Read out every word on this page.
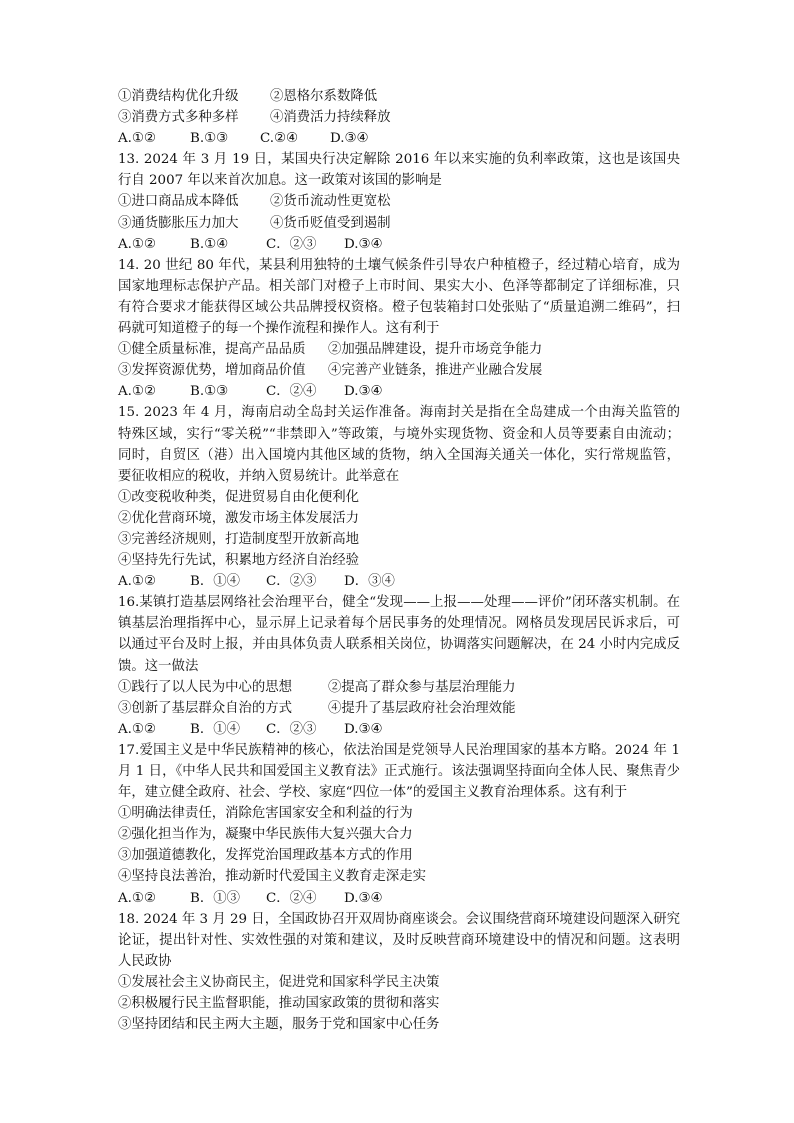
①消费结构优化升级	②恩格尔系数降低
③消费方式多种多样	④消费活力持续释放
A.①②	B.①③	C.②④	D.③④
13. 2024 年 3 月 19 日，某国央行决定解除 2016 年以来实施的负利率政策，这也是该国央行自 2007 年以来首次加息。这一政策对该国的影响是
①进口商品成本降低	②货币流动性更宽松
③通货膨胀压力加大	④货币贬值受到遏制
A.①②	B.①④	C．②③	D.③④
14. 20 世纪 80 年代，某县利用独特的土壤气候条件引导农户种植橙子，经过精心培育，成为国家地理标志保护产品。相关部门对橙子上市时间、果实大小、色泽等都制定了详细标准，只有符合要求才能获得区域公共品牌授权资格。橙子包装箱封口处张贴了“质量追溯二维码”，扫码就可知道橙子的每一个操作流程和操作人。这有利于
①健全质量标准，提高产品品质	②加强品牌建设，提升市场竞争能力
③发挥资源优势，增加商品价值	④完善产业链条，推进产业融合发展
A.①②	B.①③	C．②④	D.③④
15. 2023 年 4 月，海南启动全岛封关运作准备。海南封关是指在全岛建成一个由海关监管的特殊区域，实行“零关税”“非禁即入”等政策，与境外实现货物、资金和人员等要素自由流动；同时，自贸区（港）出入国境内其他区域的货物，纳入全国海关通关一体化，实行常规监管，要征收相应的税收，并纳入贸易统计。此举意在
①改变税收种类，促进贸易自由化便利化
②优化营商环境，激发市场主体发展活力
③完善经济规则，打造制度型开放新高地
④坚持先行先试，积累地方经济自治经验
A.①②	B．①④	C．②③	D．③④
16.某镇打造基层网络社会治理平台，健全“发现——上报——处理——评价”闭环落实机制。在镇基层治理指挥中心，显示屏上记录着每个居民事务的处理情况。网格员发现居民诉求后，可以通过平台及时上报，并由具体负责人联系相关岗位，协调落实问题解决，在 24 小时内完成反馈。这一做法
①践行了以人民为中心的思想	②提高了群众参与基层治理能力
③创新了基层群众自治的方式	④提升了基层政府社会治理效能
A.①②	B．①④	C．②③	D.③④
17.爱国主义是中华民族精神的核心，依法治国是党领导人民治理国家的基本方略。2024 年 1 月 1 日，《中华人民共和国爱国主义教育法》正式施行。该法强调坚持面向全体人民、聚焦青少年，建立健全政府、社会、学校、家庭“四位一体”的爱国主义教育治理体系。这有利于
①明确法律责任，消除危害国家安全和利益的行为
②强化担当作为，凝聚中华民族伟大复兴强大合力
③加强道德教化，发挥党治国理政基本方式的作用
④坚持良法善治，推动新时代爱国主义教育走深走实
A.①②	B．①③	C．②④	D.③④
18. 2024 年 3 月 29 日，全国政协召开双周协商座谈会。会议围绕营商环境建设问题深入研究论证，提出针对性、实效性强的对策和建议，及时反映营商环境建设中的情况和问题。这表明人民政协
①发展社会主义协商民主，促进党和国家科学民主决策
②积极履行民主监督职能，推动国家政策的贯彻和落实
③坚持团结和民主两大主题，服务于党和国家中心任务
